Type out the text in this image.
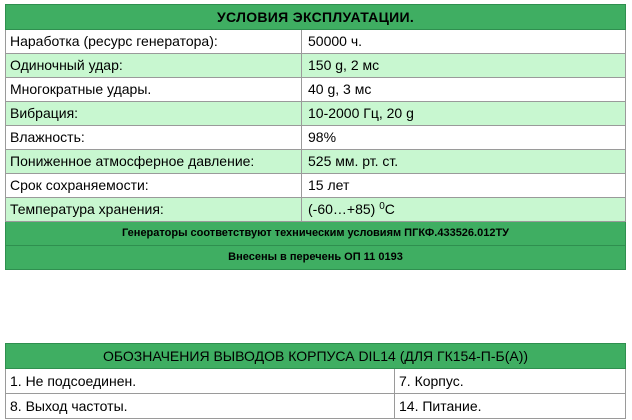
УСЛОВИЯ ЭКСПЛУАТАЦИИ.	
Наработка (ресурс генератора):	50000 ч.
Одиночный удар:	150 g, 2 мс
Многократные удары.	40 g, 3 мс
Вибрация:	10-2000 Гц, 20 g
Влажность:	98%
Пониженное атмосферное давление:	525 мм. рт. ст.
Срок сохраняемости:	15 лет
Температура хранения:	(-60…+85) $^0$С
Генераторы соответствуют техническим условиям ПГКФ.433526.012ТУ	
Внесены в перечень ОП 11 0193	
ОБОЗНАЧЕНИЯ ВЫВОДОВ КОРПУСА DIL14 (ДЛЯ ГК154-П-Б(А))	
1. Не подсоединен.	7. Корпус.
8. Выход частоты.	14. Питание.
